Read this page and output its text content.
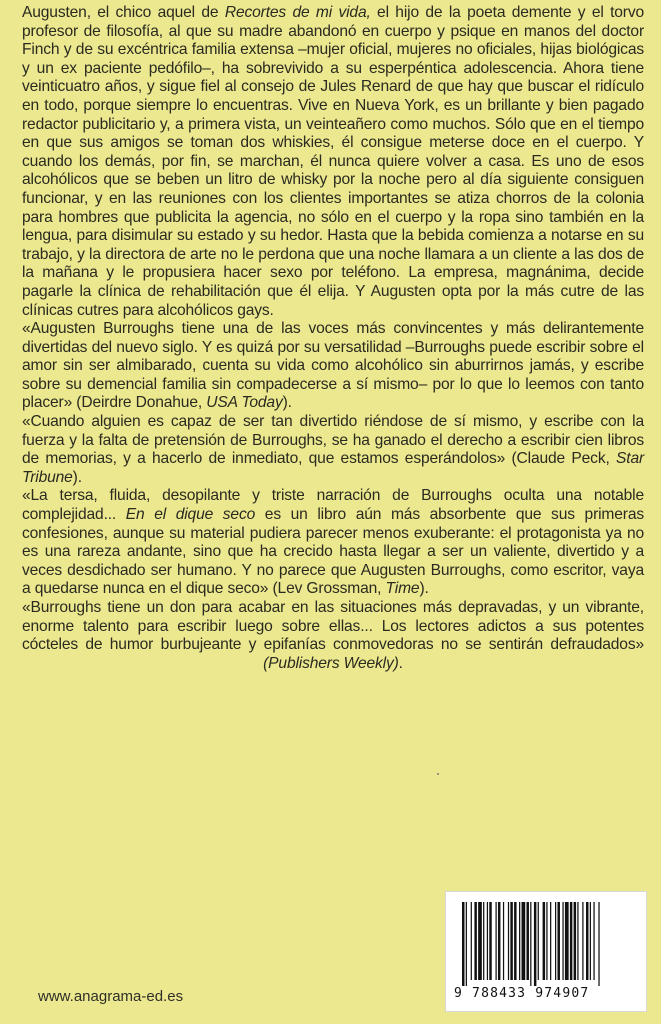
Augusten, el chico aquel de Recortes de mi vida, el hijo de la poeta demente y el torvo profesor de filosofía, al que su madre abandonó en cuerpo y psique en manos del doctor Finch y de su excéntrica familia extensa –mujer oficial, mujeres no oficiales, hijas biológicas y un ex paciente pedófilo–, ha sobrevivido a su esperpéntica adolescencia. Ahora tiene veinticuatro años, y sigue fiel al consejo de Jules Renard de que hay que buscar el ridículo en todo, porque siempre lo encuentras. Vive en Nueva York, es un brillante y bien pagado redactor publicitario y, a primera vista, un veinteañero como muchos. Sólo que en el tiempo en que sus amigos se toman dos whiskies, él consigue meterse doce en el cuerpo. Y cuando los demás, por fin, se marchan, él nunca quiere volver a casa. Es uno de esos alcohólicos que se beben un litro de whisky por la noche pero al día siguiente consiguen funcionar, y en las reuniones con los clientes importantes se atiza chorros de la colonia para hombres que publicita la agencia, no sólo en el cuerpo y la ropa sino también en la lengua, para disimular su estado y su hedor. Hasta que la bebida comienza a notarse en su trabajo, y la directora de arte no le perdona que una noche llamara a un cliente a las dos de la mañana y le propusiera hacer sexo por teléfono. La empresa, magnánima, decide pagarle la clínica de rehabilitación que él elija. Y Augusten opta por la más cutre de las clínicas cutres para alcohólicos gays.

«Augusten Burroughs tiene una de las voces más convincentes y más delirantemente divertidas del nuevo siglo. Y es quizá por su versatilidad –Burroughs puede escribir sobre el amor sin ser almibarado, cuenta su vida como alcohólico sin aburrirnos jamás, y escribe sobre su demencial familia sin compadecerse a sí mismo– por lo que lo leemos con tanto placer» (Deirdre Donahue, USA Today).

«Cuando alguien es capaz de ser tan divertido riéndose de sí mismo, y escribe con la fuerza y la falta de pretensión de Burroughs, se ha ganado el derecho a escribir cien libros de memorias, y a hacerlo de inmediato, que estamos esperándolos» (Claude Peck, Star Tribune).

«La tersa, fluida, desopilante y triste narración de Burroughs oculta una notable complejidad... En el dique seco es un libro aún más absorbente que sus primeras confesiones, aunque su material pudiera parecer menos exuberante: el protagonista ya no es una rareza andante, sino que ha crecido hasta llegar a ser un valiente, divertido y a veces desdichado ser humano. Y no parece que Augusten Burroughs, como escritor, vaya a quedarse nunca en el dique seco» (Lev Grossman, Time).

«Burroughs tiene un don para acabar en las situaciones más depravadas, y un vibrante, enorme talento para escribir luego sobre ellas... Los lectores adictos a sus potentes cócteles de humor burbujeante y epifanías conmovedoras no se sentirán defraudados» (Publishers Weekly).

9 788433 974907
www.anagrama-ed.es
